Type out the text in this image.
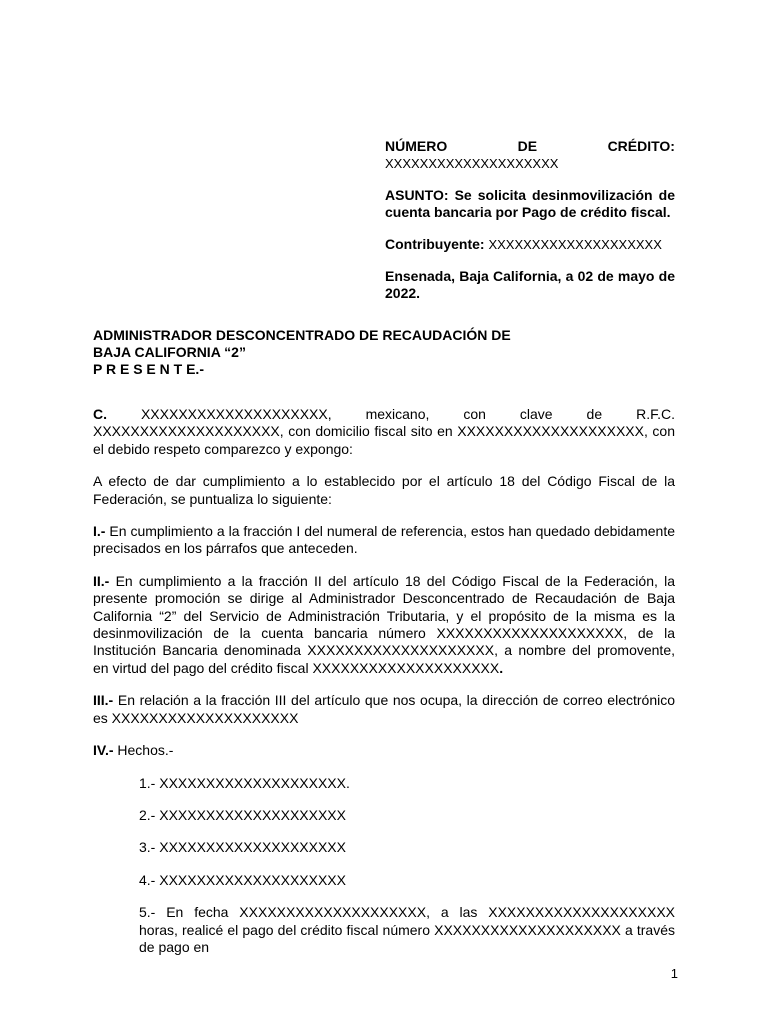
NÚMERO	DE	CRÉDITO:

XXXXXXXXXXXXXXXXXXXX

ASUNTO: Se solicita desinmovilización de cuenta bancaria por Pago de crédito fiscal.

Contribuyente: XXXXXXXXXXXXXXXXXXXX

Ensenada, Baja California, a 02 de mayo de 2022.

ADMINISTRADOR DESCONCENTRADO DE RECAUDACIÓN DE
BAJA CALIFORNIA “2”
P R E S E N T E.-

C. XXXXXXXXXXXXXXXXXXXX, mexicano, con clave de R.F.C. XXXXXXXXXXXXXXXXXXXX, con domicilio fiscal sito en XXXXXXXXXXXXXXXXXXXX, con el debido respeto comparezco y expongo:

A efecto de dar cumplimiento a lo establecido por el artículo 18 del Código Fiscal de la Federación, se puntualiza lo siguiente:

I.- En cumplimiento a la fracción I del numeral de referencia, estos han quedado debidamente precisados en los párrafos que anteceden.

II.- En cumplimiento a la fracción II del artículo 18 del Código Fiscal de la Federación, la presente promoción se dirige al Administrador Desconcentrado de Recaudación de Baja California “2” del Servicio de Administración Tributaria, y el propósito de la misma es la desinmovilización de la cuenta bancaria número XXXXXXXXXXXXXXXXXXXX, de la Institución Bancaria denominada XXXXXXXXXXXXXXXXXXXX, a nombre del promovente, en virtud del pago del crédito fiscal XXXXXXXXXXXXXXXXXXXX.

III.- En relación a la fracción III del artículo que nos ocupa, la dirección de correo electrónico es XXXXXXXXXXXXXXXXXXXX

IV.- Hechos.-

1.- XXXXXXXXXXXXXXXXXXXX.

2.- XXXXXXXXXXXXXXXXXXXX

3.- XXXXXXXXXXXXXXXXXXXX

4.- XXXXXXXXXXXXXXXXXXXX

5.- En fecha XXXXXXXXXXXXXXXXXXXX, a las XXXXXXXXXXXXXXXXXXXX horas, realicé el pago del crédito fiscal número XXXXXXXXXXXXXXXXXXXX a través de pago en

1
